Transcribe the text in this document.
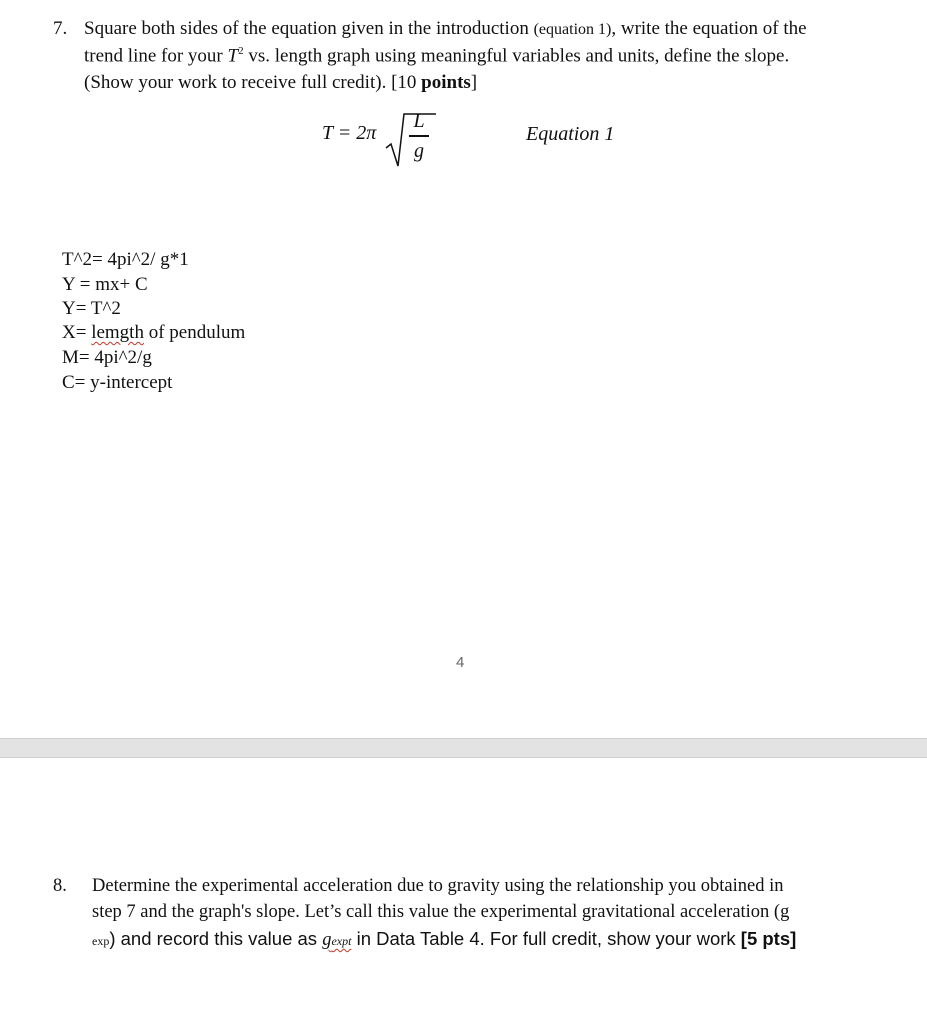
7. Square both sides of the equation given in the introduction (equation 1), write the equation of the
trend line for your $T^2$ vs. length graph using meaningful variables and units, define the slope.
(Show your work to receive full credit). [10 points]
T = 2π
L
g
Equation 1
T^2= 4pi^2/ g*1
Y = mx+ C
Y= T^2
X= lemgth of pendulum
M= 4pi^2/g
C= y-intercept
4
8. Determine the experimental acceleration due to gravity using the relationship you obtained in
step 7 and the graph's slope. Let’s call this value the experimental gravitational acceleration (g
exp) and record this value as gexpt in Data Table 4. For full credit, show your work [5 pts]
